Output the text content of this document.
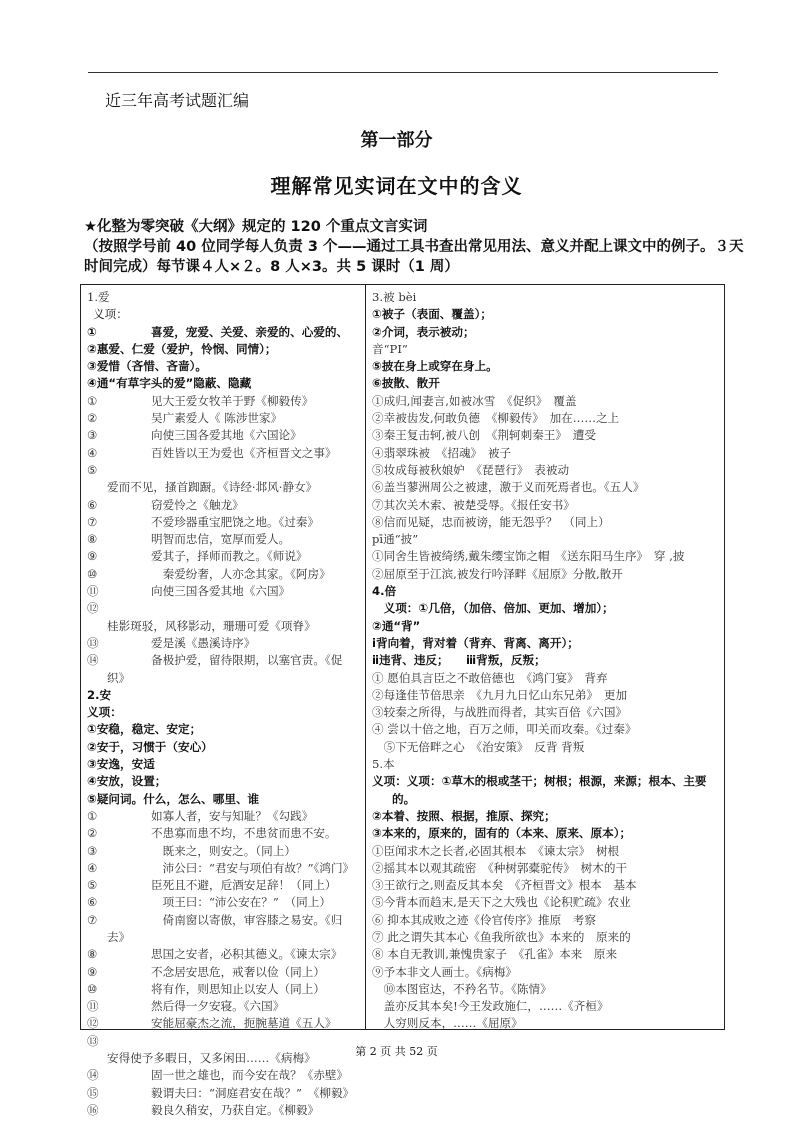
近三年高考试题汇编
第一部分
理解常见实词在文中的含义
★化整为零突破《大纲》规定的 120 个重点文言实词
（按照学号前 40 位同学每人负责 3 个——通过工具书查出常见用法、意义并配上课文中的例子。３天时间完成）每节课４人×２。8 人×3。共 5 课时（1 周）
1.爱
义项：
①	喜爱，宠爱、关爱、亲爱的、心爱的、
②惠爱、仁爱（爱护，怜悯、同情）；
③爱惜（吝惜、吝啬）。
④通“有草字头的爱”隐蔽、隐藏
①	见大王爱女牧羊于野《柳毅传》
②	吴广素爱人《 陈涉世家》
③	向使三国各爱其地《六国论》
④	百姓皆以王为爱也《齐桓晋文之事》
⑤爱而不见，搔首踟蹰。《诗经·邶风·静女》
⑥	窃爱怜之《触龙》
⑦	不爱珍器重宝肥饶之地。《过秦》
⑧	明智而忠信，宽厚而爱人。
⑨	爱其子，择师而教之。《师说》
⑩	　秦爱纷奢，人亦念其家。《阿房》
⑪	向使三国各爱其地《六国》
⑫桂影斑驳，风移影动，珊珊可爱《项脊》
⑬	爱是溪《愚溪诗序》
⑭	备极护爱，留待限期，以塞官责。《促织》
2.安
义项：
①安稳，稳定、安定；
②安于，习惯于（安心）
③安逸，安适
④安放，设置；
⑤疑问词。什么，怎么、哪里、谁
①	如寡人者，安与知耻？《勾践》
②	不患寡而患不均，不患贫而患不安。
③	　既来之，则安之。（同上）
④	　沛公曰：“君安与项伯有故？”《鸿门》
⑤	臣死且不避，卮酒安足辞！（同上）
⑥	　项王曰：“沛公安在？”　（同上）
⑦	　倚南窗以寄傲，审容膝之易安。《归去》
⑧	思国之安者，必积其德义。《谏太宗》
⑨	不念居安思危，戒奢以俭（同上）
⑩	将有作，则思知止以安人（同上）
⑪	然后得一夕安寝。《六国》
⑫	安能屈豪杰之流，扼腕墓道《五人》
⑬安得使予多暇日，又多闲田……《病梅》
⑭	固一世之雄也，而今安在哉？《赤壁》
⑮	毅谓夫曰：“洞庭君安在哉？”　《柳毅》
⑯	毅良久稍安，乃获自定。《柳毅》
3.被 bèi
①被子（表面、覆盖）；
②介词，表示被动；
音“PI”
⑤披在身上或穿在身上。
⑥披散、散开
①成归,闻妻言,如被冰雪　《促织》　覆盖
②幸被齿发,何敢负德　《柳毅传》　加在……之上
③秦王复击轲,被八创　《荆轲刺秦王》　遭受
④翡翠珠被　《招魂》　被子
⑤妆成每被秋娘妒　《琵琶行》　表被动
⑥盖当蓼洲周公之被逮，激于义而死焉者也。《五人》
⑦其次关木索、被楚受辱。《报任安书》
⑧信而见疑，忠而被谤，能无怨乎？　（同上）
pī通“披”
①同舍生皆被绮绣,戴朱缨宝饰之帽　《送东阳马生序》　穿 ,披
②屈原至于江滨,被发行吟泽畔《屈原》分散,散开
4.倍
　义项：①几倍，（加倍、倍加、更加、增加）；
②通“背”
ⅰ背向着，背对着（背弃、背离、离开）；
ⅱ违背、违反；　　ⅲ背叛，反叛；
① 愿伯具言臣之不敢倍德也　《鸿门宴》　背弃
②每逢佳节倍思亲　《九月九日忆山东兄弟》　更加
③较秦之所得，与战胜而得者，其实百倍《六国》
④ 尝以十倍之地，百万之师，叩关而攻秦。《过秦》
　⑤下无倍畔之心　《治安策》　反背 背叛
5.本
义项：义项：①草木的根或茎干；树根；根源，来源；根本、主要的。
②本着、按照、根据，推原、探究；
③本来的，原来的，固有的（本来、原来、原本）；
①臣闻求木之长者,必固其根本　《谏太宗》　树根
②摇其本以观其疏密　《种树郭橐驼传》　树木的干
③王欲行之,则盍反其本矣　《齐桓晋文》根本　基本
⑤今背本而趋末,是天下之大残也《论积贮疏》农业
⑥ 抑本其成败之迹《伶官传序》推原　考察
⑦ 此之谓失其本心《鱼我所欲也》本来的　原来的
⑧ 本自无教训,兼愧贵家子　《孔雀》本来　原来
⑨予本非文人画士。《病梅》
　⑩本图宦达，不矜名节。《陈情》
　盖亦反其本矣!今王发政施仁，……《齐桓》
　人穷则反本，……《屈原》
第 2 页 共 52 页
